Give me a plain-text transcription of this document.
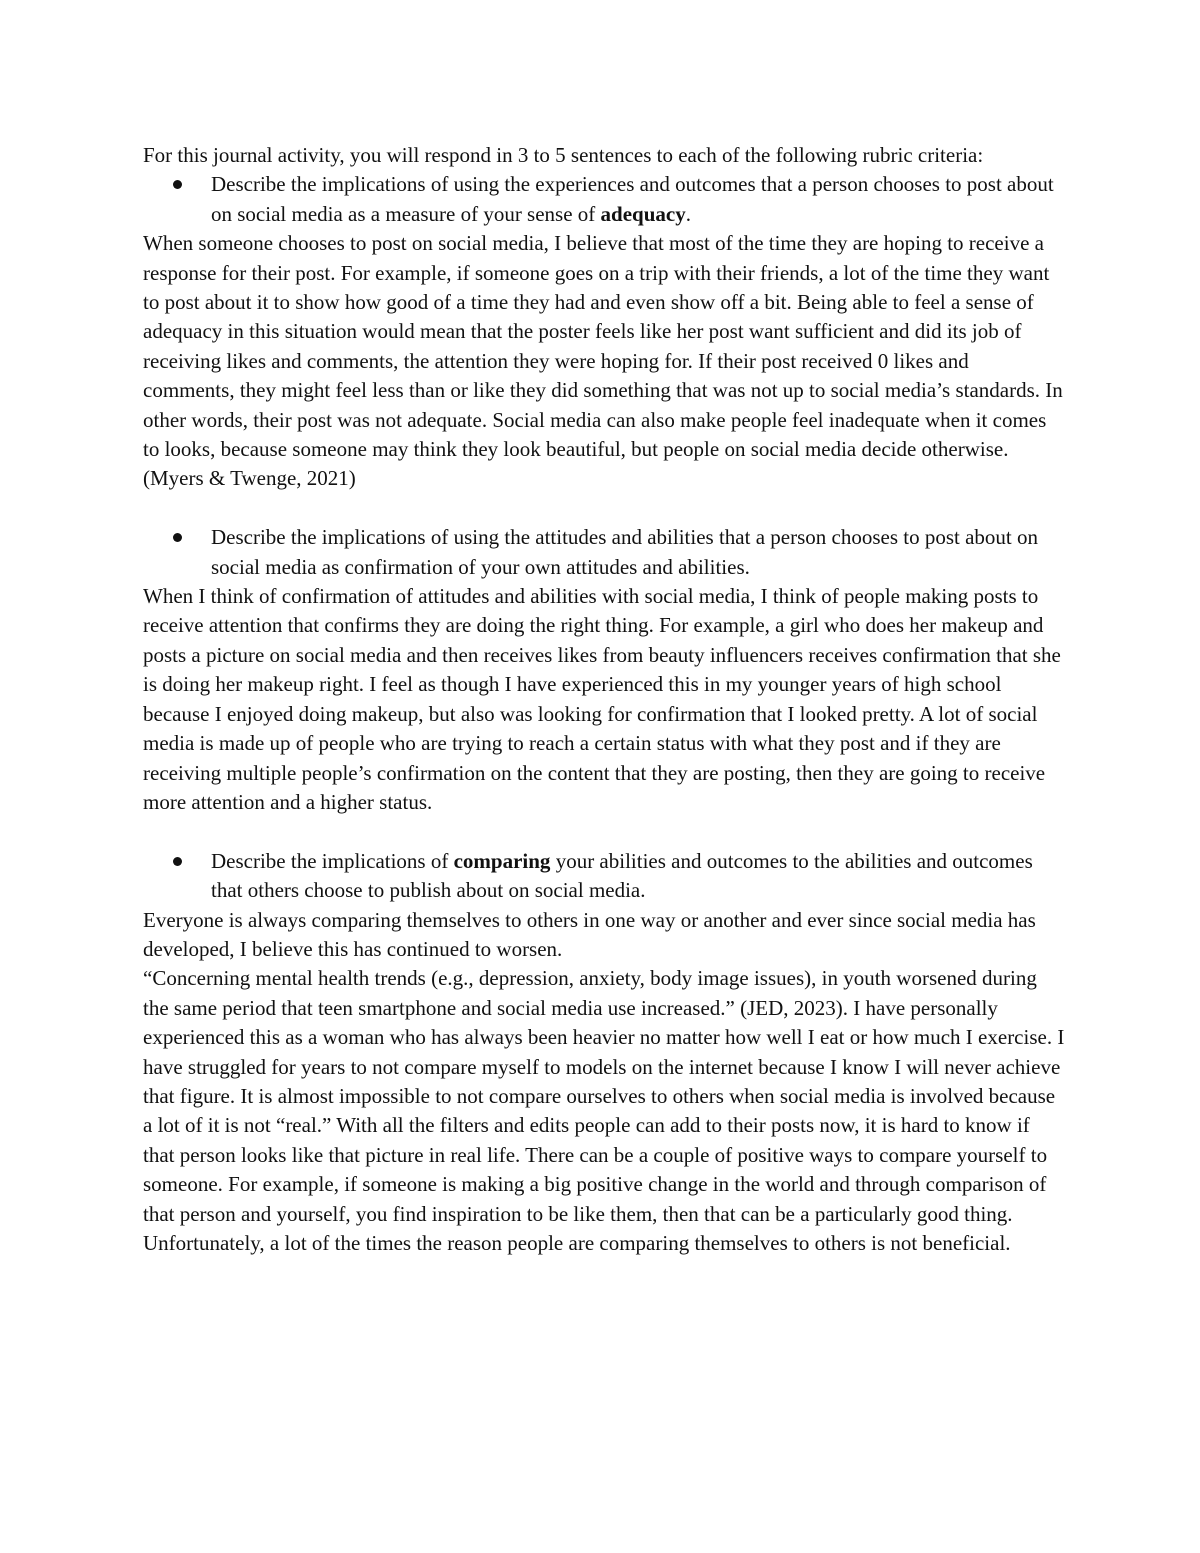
For this journal activity, you will respond in 3 to 5 sentences to each of the following rubric criteria:

Describe the implications of using the experiences and outcomes that a person chooses to post about on social media as a measure of your sense of adequacy.

When someone chooses to post on social media, I believe that most of the time they are hoping to receive a response for their post. For example, if someone goes on a trip with their friends, a lot of the time they want to post about it to show how good of a time they had and even show off a bit. Being able to feel a sense of adequacy in this situation would mean that the poster feels like her post want sufficient and did its job of receiving likes and comments, the attention they were hoping for. If their post received 0 likes and comments, they might feel less than or like they did something that was not up to social media’s standards. In other words, their post was not adequate. Social media can also make people feel inadequate when it comes to looks, because someone may think they look beautiful, but people on social media decide otherwise. (Myers & Twenge, 2021)

Describe the implications of using the attitudes and abilities that a person chooses to post about on social media as confirmation of your own attitudes and abilities.

When I think of confirmation of attitudes and abilities with social media, I think of people making posts to receive attention that confirms they are doing the right thing. For example, a girl who does her makeup and posts a picture on social media and then receives likes from beauty influencers receives confirmation that she is doing her makeup right. I feel as though I have experienced this in my younger years of high school because I enjoyed doing makeup, but also was looking for confirmation that I looked pretty. A lot of social media is made up of people who are trying to reach a certain status with what they post and if they are receiving multiple people’s confirmation on the content that they are posting, then they are going to receive more attention and a higher status.

Describe the implications of comparing your abilities and outcomes to the abilities and outcomes that others choose to publish about on social media.

Everyone is always comparing themselves to others in one way or another and ever since social media has developed, I believe this has continued to worsen.

“Concerning mental health trends (e.g., depression, anxiety, body image issues), in youth worsened during the same period that teen smartphone and social media use increased.” (JED, 2023). I have personally experienced this as a woman who has always been heavier no matter how well I eat or how much I exercise. I have struggled for years to not compare myself to models on the internet because I know I will never achieve that figure. It is almost impossible to not compare ourselves to others when social media is involved because a lot of it is not “real.” With all the filters and edits people can add to their posts now, it is hard to know if that person looks like that picture in real life. There can be a couple of positive ways to compare yourself to someone. For example, if someone is making a big positive change in the world and through comparison of that person and yourself, you find inspiration to be like them, then that can be a particularly good thing. Unfortunately, a lot of the times the reason people are comparing themselves to others is not beneficial.
